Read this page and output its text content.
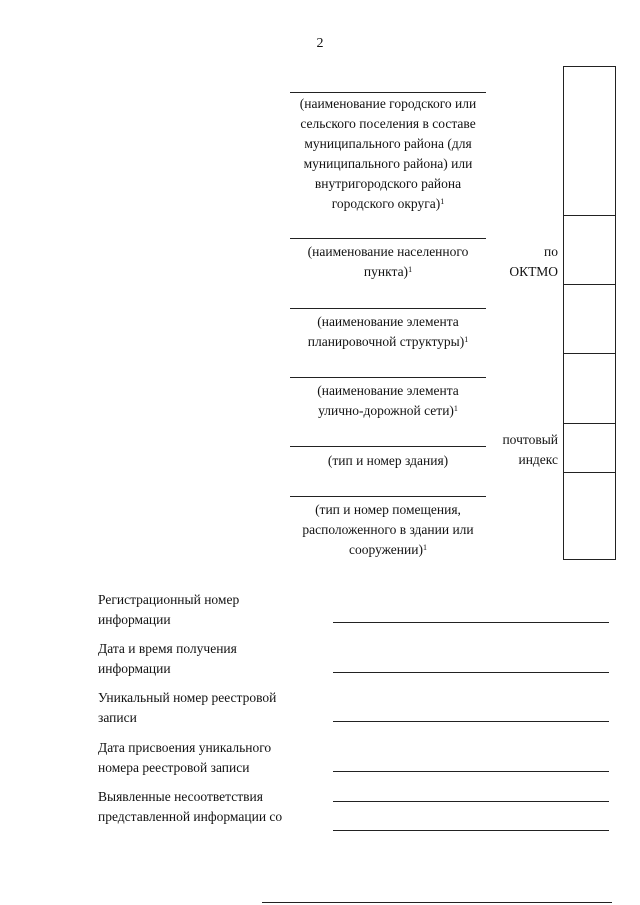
2
(наименование городского или
сельского поселения в составе
муниципального района (для
муниципального района) или
внутригородского района
городского округа)$^1$
(наименование населенного
пункта)$^1$
(наименование элемента
планировочной структуры)$^1$
(наименование элемента
улично-дорожной сети)$^1$
(тип и номер здания)
(тип и номер помещения,
расположенного в здании или
сооружении)$^1$
по
ОКТМО
почтовый
индекс
Регистрационный номер
информации
Дата и время получения
информации
Уникальный номер реестровой
записи
Дата присвоения уникального
номера реестровой записи
Выявленные несоответствия
представленной информации со
